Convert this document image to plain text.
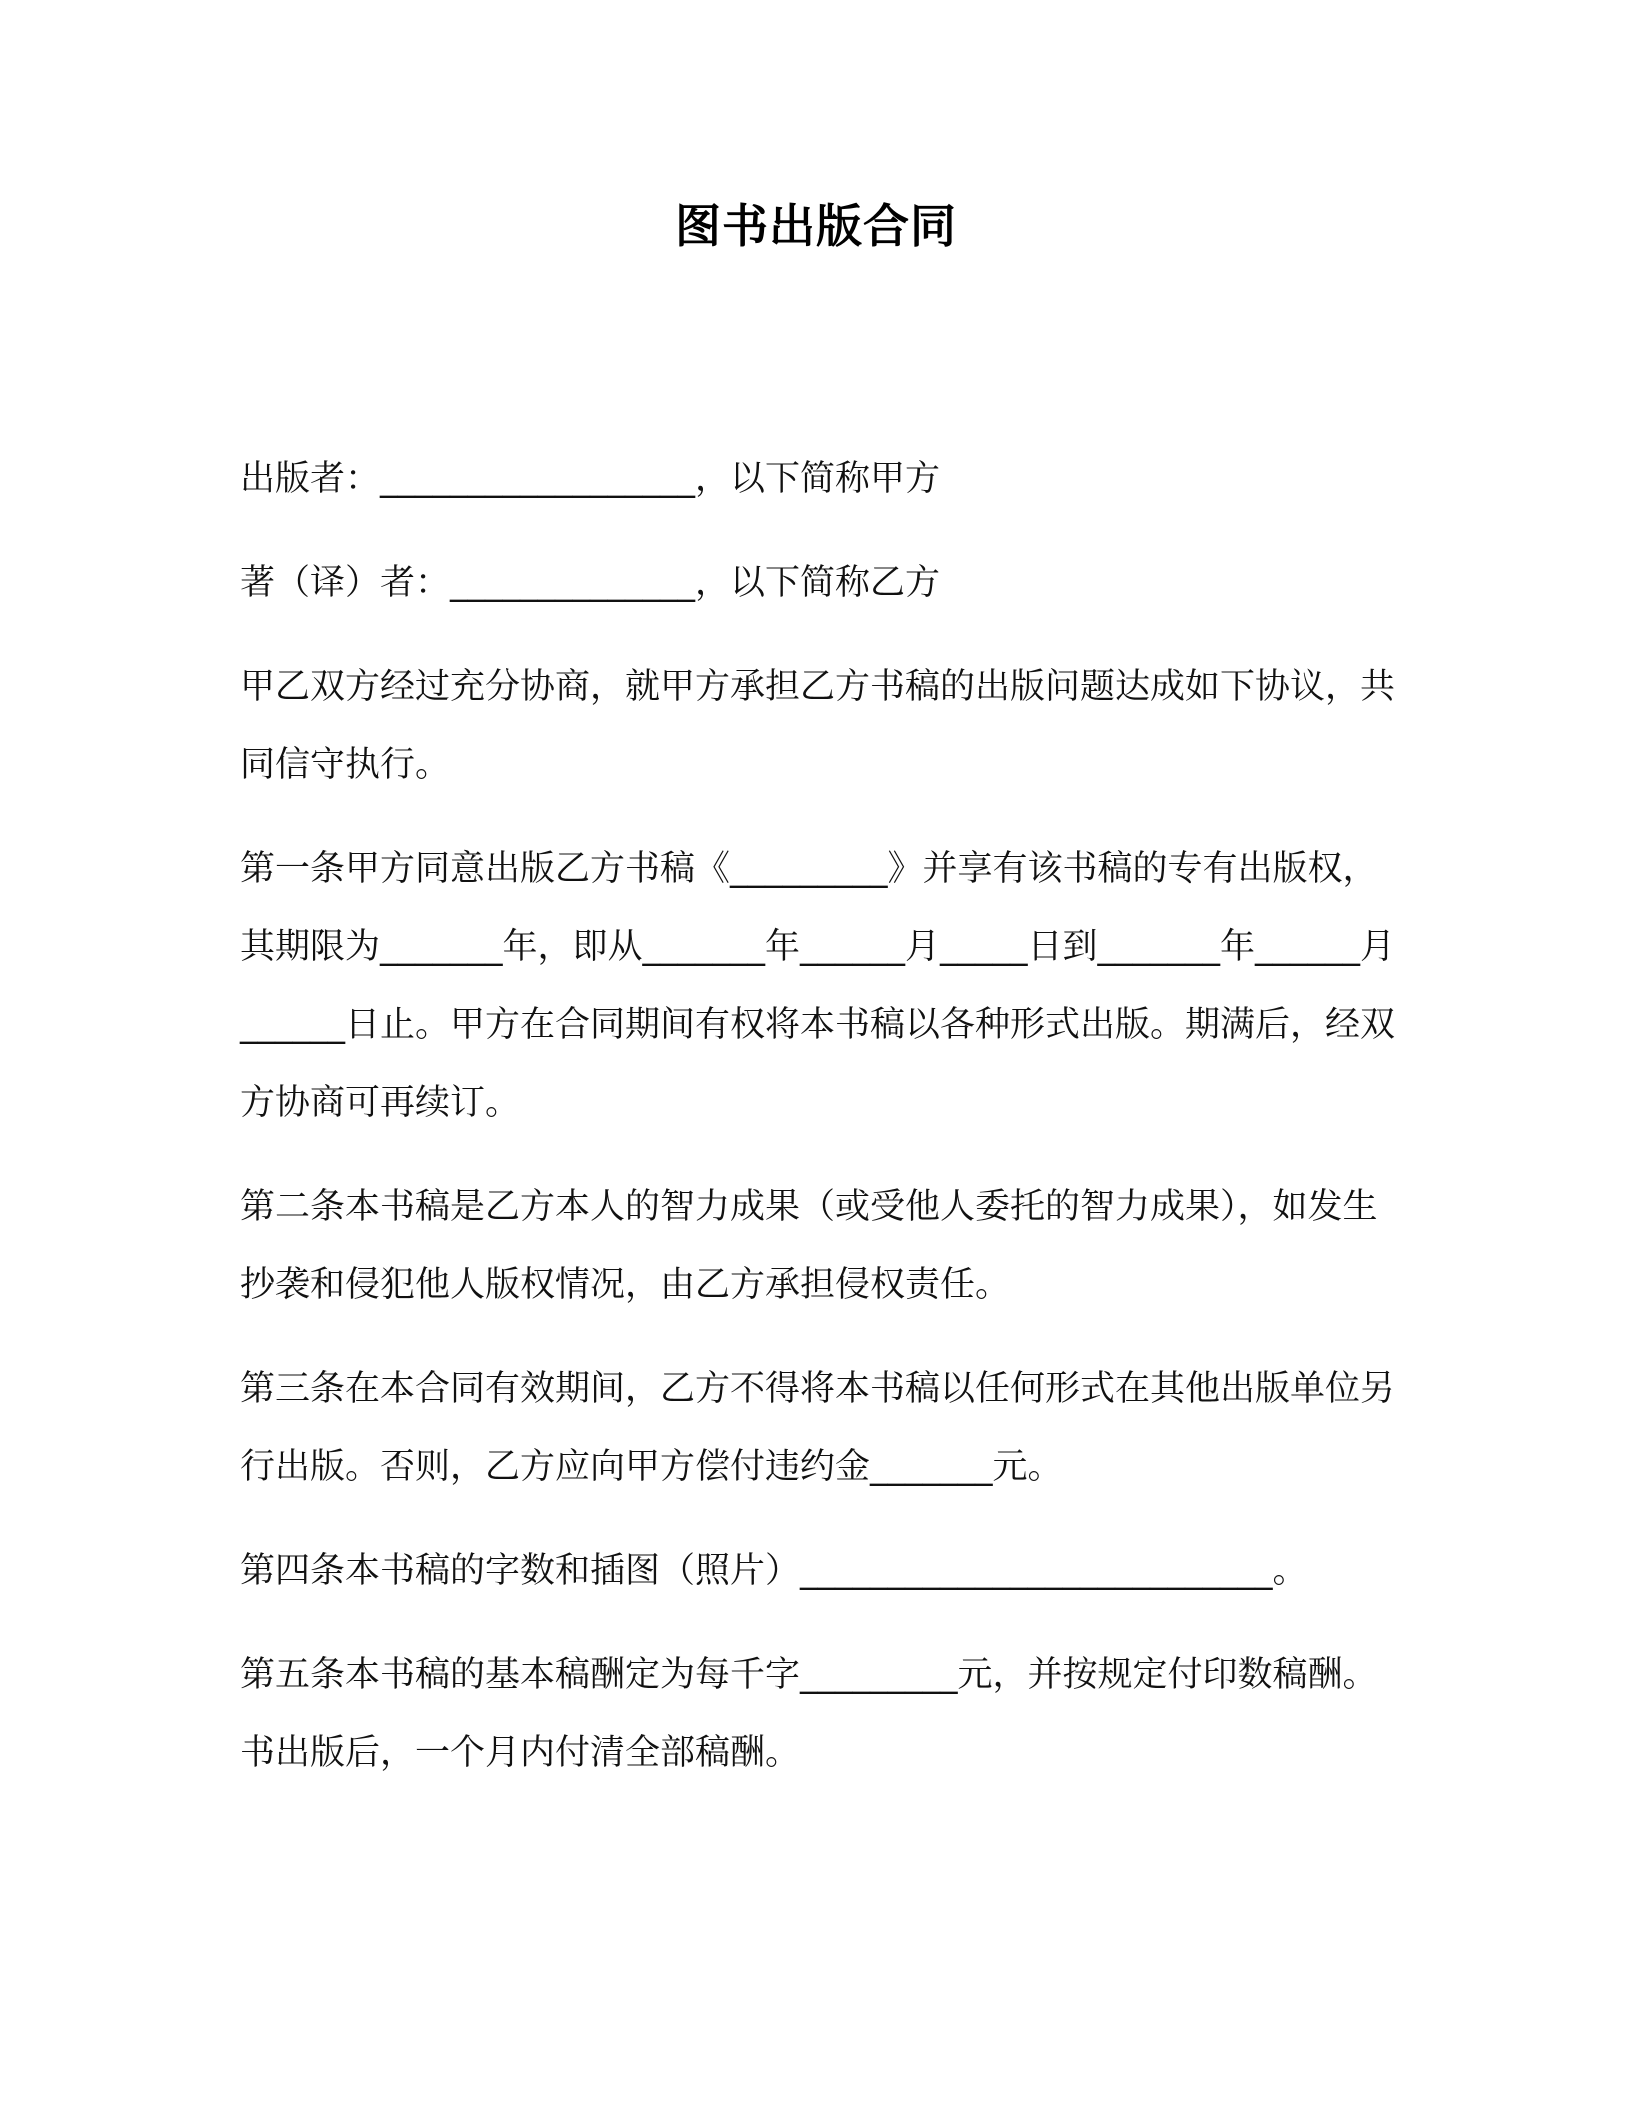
图书出版合同

出版者：__________________，以下简称甲方

著（译）者：______________，以下简称乙方

甲乙双方经过充分协商，就甲方承担乙方书稿的出版问题达成如下协议，共同信守执行。

第一条甲方同意出版乙方书稿《_________》并享有该书稿的专有出版权，其期限为_______年，即从_______年______月_____日到_______年______月______日止。甲方在合同期间有权将本书稿以各种形式出版。期满后，经双方协商可再续订。

第二条本书稿是乙方本人的智力成果（或受他人委托的智力成果），如发生抄袭和侵犯他人版权情况，由乙方承担侵权责任。

第三条在本合同有效期间，乙方不得将本书稿以任何形式在其他出版单位另行出版。否则，乙方应向甲方偿付违约金_______元。

第四条本书稿的字数和插图（照片）___________________________。

第五条本书稿的基本稿酬定为每千字_________元，并按规定付印数稿酬。书出版后，一个月内付清全部稿酬。
